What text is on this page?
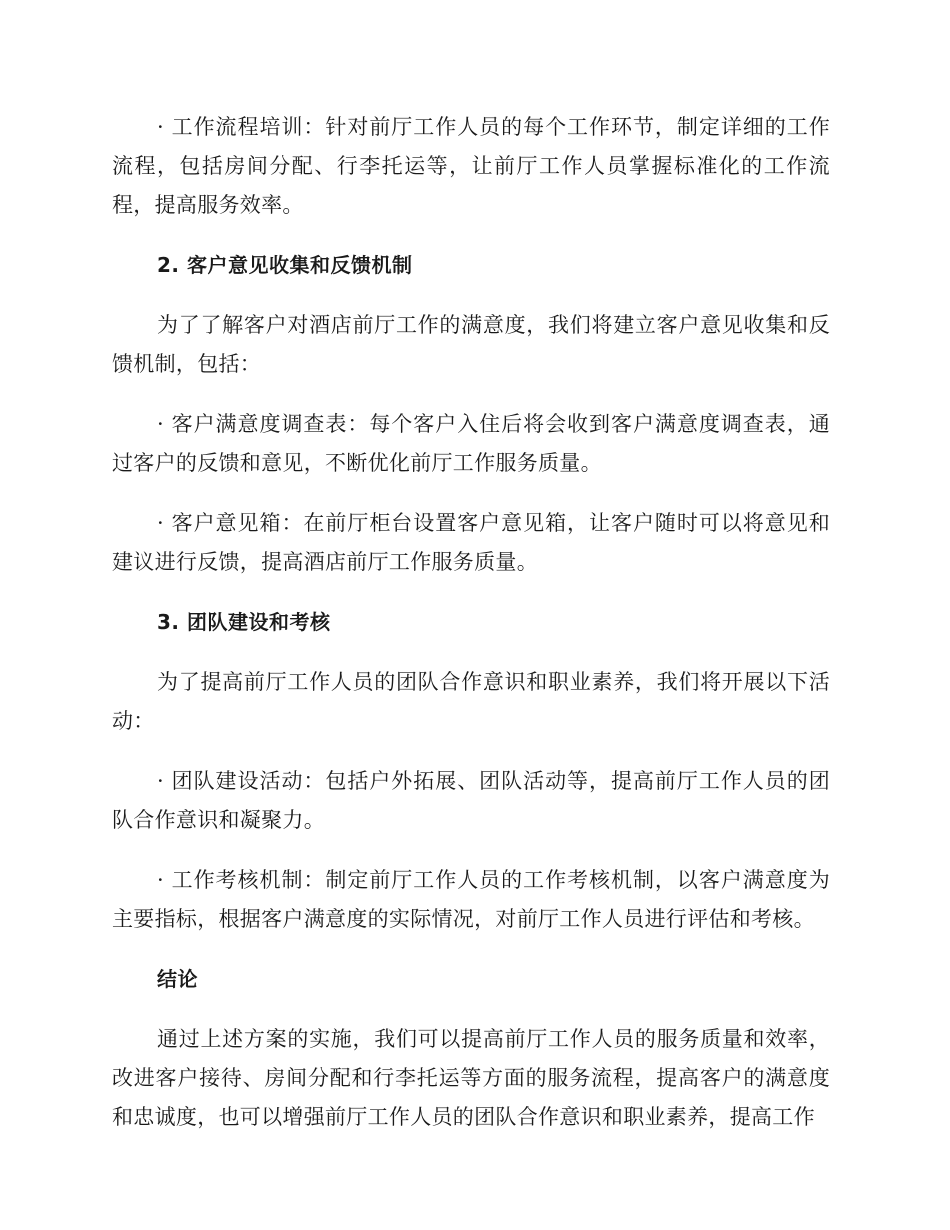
· 工作流程培训：针对前厅工作人员的每个工作环节，制定详细的工作流程，包括房间分配、行李托运等，让前厅工作人员掌握标准化的工作流程，提高服务效率。

2. 客户意见收集和反馈机制

为了了解客户对酒店前厅工作的满意度，我们将建立客户意见收集和反馈机制，包括：

· 客户满意度调查表：每个客户入住后将会收到客户满意度调查表，通过客户的反馈和意见，不断优化前厅工作服务质量。

· 客户意见箱：在前厅柜台设置客户意见箱，让客户随时可以将意见和建议进行反馈，提高酒店前厅工作服务质量。

3. 团队建设和考核

为了提高前厅工作人员的团队合作意识和职业素养，我们将开展以下活动：

· 团队建设活动：包括户外拓展、团队活动等，提高前厅工作人员的团队合作意识和凝聚力。

· 工作考核机制：制定前厅工作人员的工作考核机制，以客户满意度为主要指标，根据客户满意度的实际情况，对前厅工作人员进行评估和考核。

结论

通过上述方案的实施，我们可以提高前厅工作人员的服务质量和效率，改进客户接待、房间分配和行李托运等方面的服务流程，提高客户的满意度和忠诚度，也可以增强前厅工作人员的团队合作意识和职业素养，提高工作
